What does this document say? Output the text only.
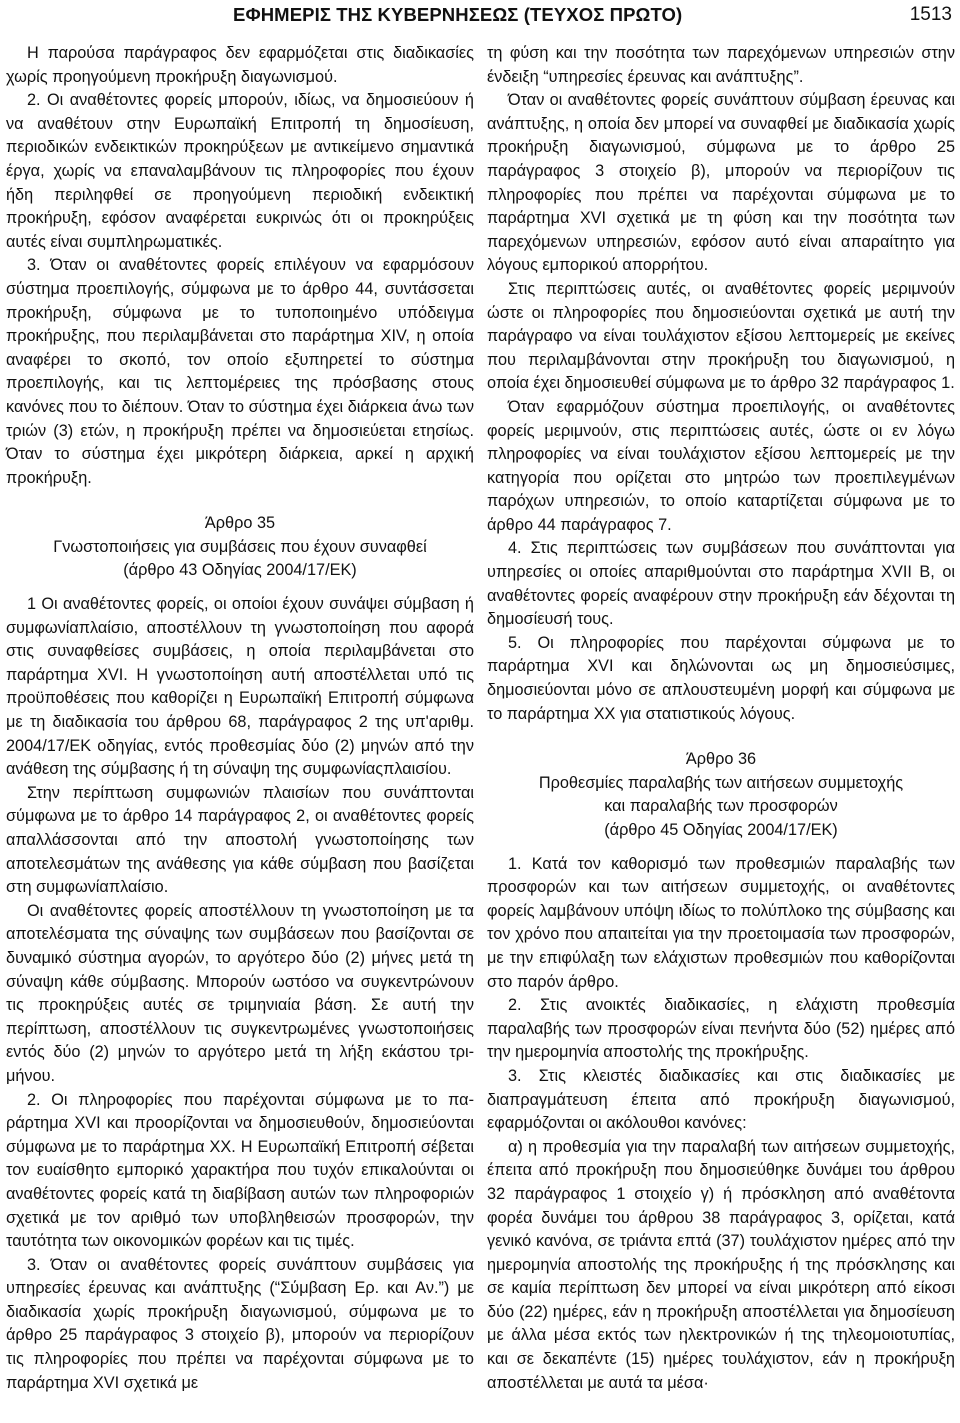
ΕΦΗΜΕΡΙΣ ΤΗΣ ΚΥΒΕΡΝΗΣΕΩΣ (ΤΕΥΧΟΣ ΠΡΩΤΟ)	1513

Η παρούσα παράγραφος δεν εφαρμόζεται στις διαδικασίες χωρίς προηγούμενη προκήρυξη διαγωνισμού.

2. Οι αναθέτοντες φορείς μπορούν, ιδίως, να δημοσιεύουν ή να αναθέτουν στην Ευρωπαϊκή Επιτροπή τη δημοσίευση, περιοδικών ενδεικτικών προκηρύξεων με αντικείμενο σημαντικά έργα, χωρίς να επαναλαμβάνουν τις πληροφορίες που έχουν ήδη περιληφθεί σε προηγούμενη περιοδική ενδεικτική προκήρυξη, εφόσον αναφέρεται ευκρινώς ότι οι προκηρύξεις αυτές είναι συμπληρωματικές.

3. Όταν οι αναθέτοντες φορείς επιλέγουν να εφαρμόσουν σύστημα προεπιλογής, σύμφωνα με το άρθρο 44, συντάσσεται προκήρυξη, σύμφωνα με το τυποποιημένο υπόδειγμα προκήρυξης, που περιλαμβάνεται στο παράρτημα XIV, η οποία αναφέρει το σκοπό, τον οποίο εξυπηρετεί το σύστημα προεπιλογής, και τις λεπτομέρειες της πρόσβασης στους κανόνες που το διέπουν. Όταν το σύστημα έχει διάρκεια άνω των τριών (3) ετών, η προκήρυξη πρέπει να δημοσιεύεται ετησίως. Όταν το σύστημα έχει μικρότερη διάρκεια, αρκεί η αρχική προκήρυξη.

Άρθρο 35

Γνωστοποιήσεις για συμβάσεις που έχουν συναφθεί

(άρθρο 43 Οδηγίας 2004/17/ΕΚ)

1 Οι αναθέτοντες φορείς, οι οποίοι έχουν συνάψει σύμβαση ή συμφωνίαπλαίσιο, αποστέλλουν τη γνωστοποίηση που αφορά στις συναφθείσες συμβάσεις, η οποία περιλαμβάνεται στο παράρτημα XVI. Η γνωστοποίηση αυτή αποστέλλεται υπό τις προϋποθέσεις που καθορίζει η Ευρωπαϊκή Επιτροπή σύμφωνα με τη διαδικασία του άρθρου 68, παράγραφος 2 της υπ'αριθμ. 2004/17/ΕΚ οδηγίας, εντός προθεσμίας δύο (2) μηνών από την ανάθεση της σύμβασης ή τη σύναψη της συμφωνίαςπλαισίου.

Στην περίπτωση συμφωνιών πλαισίων που συνάπτονται σύμφωνα με το άρθρο 14 παράγραφος 2, οι αναθέτοντες φορείς απαλλάσσονται από την αποστολή γνωστοποίησης των αποτελεσμάτων της ανάθεσης για κάθε σύμβαση που βασίζεται στη συμφωνίαπλαίσιο.

Οι αναθέτοντες φορείς αποστέλλουν τη γνωστοποίηση με τα αποτελέσματα της σύναψης των συμβάσεων που βασίζονται σε δυναμικό σύστημα αγορών, το αργότερο δύο (2) μήνες μετά τη σύναψη κάθε σύμβασης. Μπορούν ωστόσο να συγκεντρώνουν τις προκηρύξεις αυτές σε τριμηνιαία βάση. Σε αυτή την περίπτωση, αποστέλλουν τις συγκεντρωμένες γνωστοποιήσεις εντός δύο (2) μηνών το αργότερο μετά τη λήξη εκάστου τριμήνου.

2. Οι πληροφορίες που παρέχονται σύμφωνα με το παράρτημα XVI και προορίζονται να δημοσιευθούν, δημοσιεύονται σύμφωνα με το παράρτημα XX. Η Ευρωπαϊκή Επιτροπή σέβεται τον ευαίσθητο εμπορικό χαρακτήρα που τυχόν επικαλούνται οι αναθέτοντες φορείς κατά τη διαβίβαση αυτών των πληροφοριών σχετικά με τον αριθμό των υποβληθεισών προσφορών, την ταυτότητα των οικονομικών φορέων και τις τιμές.

3. Όταν οι αναθέτοντες φορείς συνάπτουν συμβάσεις για υπηρεσίες έρευνας και ανάπτυξης (“Σύμβαση Ερ. και Αν.”) με διαδικασία χωρίς προκήρυξη διαγωνισμού, σύμφωνα με το άρθρο 25 παράγραφος 3 στοιχείο β), μπορούν να περιορίζουν τις πληροφορίες που πρέπει να παρέχονται σύμφωνα με το παράρτημα XVI σχετικά με

τη φύση και την ποσότητα των παρεχόμενων υπηρεσιών στην ένδειξη “υπηρεσίες έρευνας και ανάπτυξης”.

Όταν οι αναθέτοντες φορείς συνάπτουν σύμβαση έρευνας και ανάπτυξης, η οποία δεν μπορεί να συναφθεί με διαδικασία χωρίς προκήρυξη διαγωνισμού, σύμφωνα με το άρθρο 25 παράγραφος 3 στοιχείο β), μπορούν να περιορίζουν τις πληροφορίες που πρέπει να παρέχονται σύμφωνα με το παράρτημα XVI σχετικά με τη φύση και την ποσότητα των παρεχόμενων υπηρεσιών, εφόσον αυτό είναι απαραίτητο για λόγους εμπορικού απορρήτου.

Στις περιπτώσεις αυτές, οι αναθέτοντες φορείς μεριμνούν ώστε οι πληροφορίες που δημοσιεύονται σχετικά με αυτή την παράγραφο να είναι τουλάχιστον εξίσου λεπτομερείς με εκείνες που περιλαμβάνονται στην προκήρυξη του διαγωνισμού, η οποία έχει δημοσιευθεί σύμφωνα με το άρθρο 32 παράγραφος 1.

Όταν εφαρμόζουν σύστημα προεπιλογής, οι αναθέτοντες φορείς μεριμνούν, στις περιπτώσεις αυτές, ώστε οι εν λόγω πληροφορίες να είναι τουλάχιστον εξίσου λεπτομερείς με την κατηγορία που ορίζεται στο μητρώο των προεπιλεγμένων παρόχων υπηρεσιών, το οποίο καταρτίζεται σύμφωνα με το άρθρο 44 παράγραφος 7.

4. Στις περιπτώσεις των συμβάσεων που συνάπτονται για υπηρεσίες οι οποίες απαριθμούνται στο παράρτημα XVII Β, οι αναθέτοντες φορείς αναφέρουν στην προκήρυξη εάν δέχονται τη δημοσίευσή τους.

5. Οι πληροφορίες που παρέχονται σύμφωνα με το παράρτημα XVI και δηλώνονται ως μη δημοσιεύσιμες, δημοσιεύονται μόνο σε απλουστευμένη μορφή και σύμφωνα με το παράρτημα XX για στατιστικούς λόγους.

Άρθρο 36

Προθεσμίες παραλαβής των αιτήσεων συμμετοχής

και παραλαβής των προσφορών

(άρθρο 45 Οδηγίας 2004/17/ΕΚ)

1. Κατά τον καθορισμό των προθεσμιών παραλαβής των προσφορών και των αιτήσεων συμμετοχής, οι αναθέτοντες φορείς λαμβάνουν υπόψη ιδίως το πολύπλοκο της σύμβασης και τον χρόνο που απαιτείται για την προετοιμασία των προσφορών, με την επιφύλαξη των ελάχιστων προθεσμιών που καθορίζονται στο παρόν άρθρο.

2. Στις ανοικτές διαδικασίες, η ελάχιστη προθεσμία παραλαβής των προσφορών είναι πενήντα δύο (52) ημέρες από την ημερομηνία αποστολής της προκήρυξης.

3. Στις κλειστές διαδικασίες και στις διαδικασίες με διαπραγμάτευση έπειτα από προκήρυξη διαγωνισμού, εφαρμόζονται οι ακόλουθοι κανόνες:

α) η προθεσμία για την παραλαβή των αιτήσεων συμμετοχής, έπειτα από προκήρυξη που δημοσιεύθηκε δυνάμει του άρθρου 32 παράγραφος 1 στοιχείο γ) ή πρόσκληση από αναθέτοντα φορέα δυνάμει του άρθρου 38 παράγραφος 3, ορίζεται, κατά γενικό κανόνα, σε τριάντα επτά (37) τουλάχιστον ημέρες από την ημερομηνία αποστολής της προκήρυξης ή της πρόσκλησης και σε καμία περίπτωση δεν μπορεί να είναι μικρότερη από είκοσι δύο (22) ημέρες, εάν η προκήρυξη αποστέλλεται για δημοσίευση με άλλα μέσα εκτός των ηλεκτρονικών ή της τηλεομοιοτυπίας, και σε δεκαπέντε (15) ημέρες τουλάχιστον, εάν η προκήρυξη αποστέλλεται με αυτά τα μέσα·
